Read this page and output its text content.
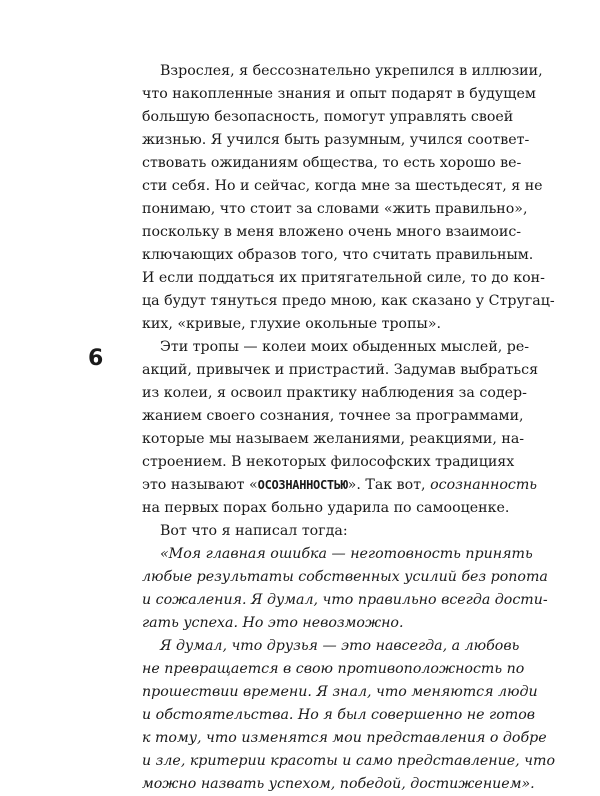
6
Взрослея, я бессознательно укрепился в иллюзии,
что накопленные знания и опыт подарят в будущем
большую безопасность, помогут управлять своей
жизнью. Я учился быть разумным, учился соответ-
ствовать ожиданиям общества, то есть хорошо ве-
сти себя. Но и сейчас, когда мне за шестьдесят, я не
понимаю, что стоит за словами «жить правильно»,
поскольку в меня вложено очень много взаимоис-
ключающих образов того, что считать правильным.
И если поддаться их притягательной силе, то до кон-
ца будут тянуться предо мною, как сказано у Стругац-
ких, «кривые, глухие окольные тропы».
Эти тропы — колеи моих обыденных мыслей, ре-
акций, привычек и пристрастий. Задумав выбраться
из колеи, я освоил практику наблюдения за содер-
жанием своего сознания, точнее за программами,
которые мы называем желаниями, реакциями, на-
строением. В некоторых философских традициях
это называют «ОСОЗНАННОСТЬЮ». Так вот, осознанность
на первых порах больно ударила по самооценке.
Вот что я написал тогда:
«Моя главная ошибка — неготовность принять
любые результаты собственных усилий без ропота
и сожаления. Я думал, что правильно всегда дости-
гать успеха. Но это невозможно.
Я думал, что друзья — это навсегда, а любовь
не превращается в свою противоположность по
прошествии времени. Я знал, что меняются люди
и обстоятельства. Но я был совершенно не готов
к тому, что изменятся мои представления о добре
и зле, критерии красоты и само представление, что
можно назвать успехом, победой, достижением».
